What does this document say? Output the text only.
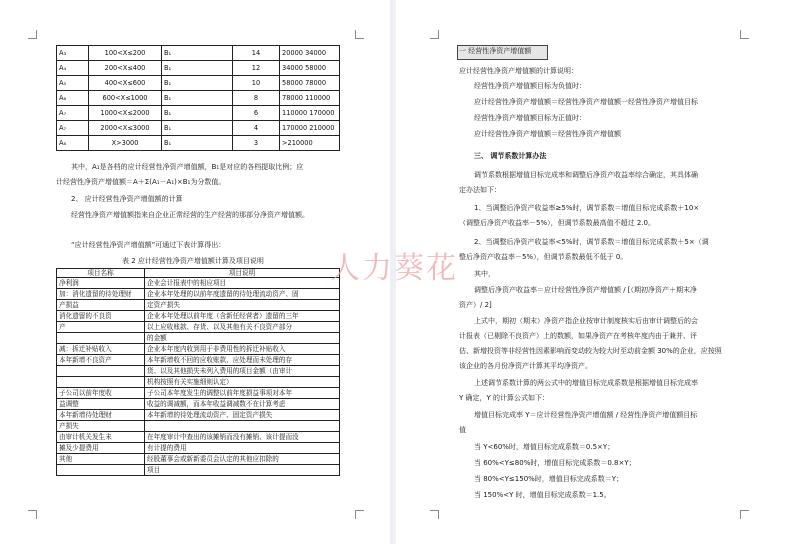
A₃	100<X≤200	B₁	14	20000 34000
A₄	200<X≤400	B₁	12	34000 58000
A₅	400<X≤600	B₁	10	58000 78000
A₆	600<X≤1000	B₁	8	78000 110000
A₇	1000<X≤2000	B₁	6	110000 170000
A₇	2000<X≤3000	B₁	4	170000 210000
A₈	X>3000	B₁	3	>210000
其中，A₁是各档的应计经营性净资产增值额，B₁是对应的各档提取比例；应
计经营性净资产增值额＝A＋Σ(A₁－A₁)×B₁为分数值。
2、 应计经营性净资产增值额的计算
经营性净资产增值额指来自企业正常经营的生产经营的那部分净资产增值额。
“应计经营性净资产增值额”可通过下表计算得出：
表 2 应计经营性净资产增值额计算及项目说明
项目名称	项目说明
净利润	企业会计报表中的相应项目
加：消化遗留的待处理财	企业本年处理的以前年度遗留的待处理流动资产、固
产损益	定资产损失
消化遗留的不良资	企业本年处理以前年度（含新任经营者）遗留的三年
产	以上应收账款、存货、以及其他有关不良资产部分
	的金额
减：拆迁补贴收入	企业本年度内收到用于非费用性的拆迁补贴收入
本年新增不良资产	本年新增收不回的应收账款、应处理而未处理的存
	货、以及其他损失未列入费用的项目金额（由审计
	机构按照有关实施细则认定）
子公司以前年度收	子公司本年度发生的调整以前年度损益事项对本年
益调整	收益的调减额，而本年收益调减数不在计算考虑
本年新增待处理财	本年新增的待处理流动资产、固定资产损失
产损失	
由审计机关发生未	在年度审计中查出的该摊销而没有摊销、该计提而没
摊及少提费用	有计提的费用
其他	经股董事会或新新委员会认定的其他应扣除的
	项目
一 经营性净资产增值额
应计经营性净资产增值额的计算说明：
经营性净资产增值额目标为负值时：
应计经营性净资产增值额＝经营性净资产增值额一经营性净资产增值目标
经营性净资产增值额目标为正值时：
应计经营性净资产增值额＝经营性净资产增值额
三、 调节系数计算办法
调节系数根据增值目标完成率和调整后净资产收益率综合确定，其具体确
定办法如下：
1、当调整后净资产收益率≥5%时，调节系数＝增值目标完成系数＋10×
（调整后净资产收益率－5%），但调节系数最高值不超过 2.0。
2、当调整后净资产收益率<5%时，调节系数＝增值目标完成系数＋5×（调
整后净资产收益率－5%），但调节系数最低不低于 0。
其中，
调整后净资产收益率＝应计经营性净资产增值额 / [（期初净资产＋期末净
资产）/ 2]
上式中，期初（期末）净资产指企业按审计制度核实后由审计调整后的会
计报表（已剔除不良资产）上的数额，如果净资产在考核年度内由于兼并、评
估、新增投资等非经营性因素影响而变动较为较大时至动前金额 30%的企业，应按照
该企业的各月份净资产计算其平均净资产。
上述调节系数计算的两公式中的增值目标完成系数是根据增值目标完成率
Y 确定，Y 的计算公式如下：
增值目标完成率 Y＝应计经营性净资产增值额 / 经营性净资产增值额目标
值
当 Y<60%时，增值目标完成系数＝0.5×Y；
当 60%<Y≤80%时，增值目标完成系数＝0.8×Y；
当 80%<Y≤150%时，增值目标完成系数＝Y；
当 150%<Y 时，增值目标完成系数＝1.5。
人力葵花
